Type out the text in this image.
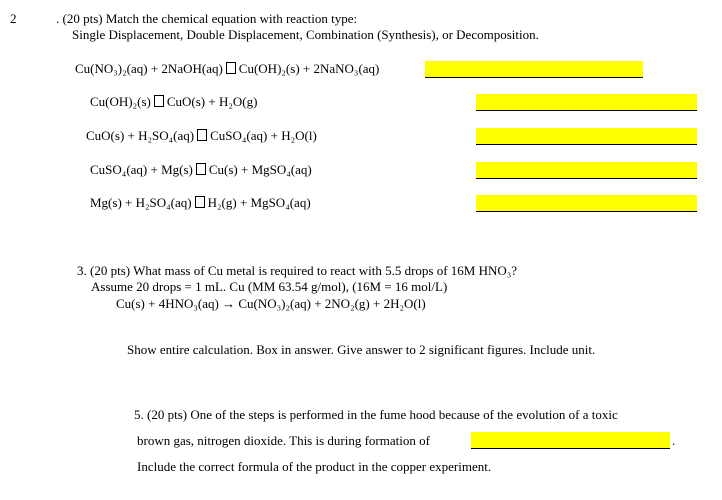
2	. (20 pts) Match the chemical equation with reaction type:
Single Displacement, Double Displacement, Combination (Synthesis), or Decomposition.
Cu(NO₃)₂(aq) + 2NaOH(aq) Cu(OH)₂(s) + 2NaNO₃(aq)
Cu(OH)₂(s) CuO(s) + H₂O(g)
CuO(s) + H₂SO₄(aq) CuSO₄(aq) + H₂O(l)
CuSO₄(aq) + Mg(s) Cu(s) + MgSO₄(aq)
Mg(s) + H₂SO₄(aq) H₂(g) + MgSO₄(aq)
3. (20 pts) What mass of Cu metal is required to react with 5.5 drops of 16M HNO₃?
Assume 20 drops = 1 mL. Cu (MM 63.54 g/mol), (16M = 16 mol/L)
Cu(s) + 4HNO₃(aq) → Cu(NO₃)₂(aq) + 2NO₂(g) + 2H₂O(l)
Show entire calculation. Box in answer. Give answer to 2 significant figures. Include unit.
5. (20 pts) One of the steps is performed in the fume hood because of the evolution of a toxic
brown gas, nitrogen dioxide. This is during formation of	.
Include the correct formula of the product in the copper experiment.
